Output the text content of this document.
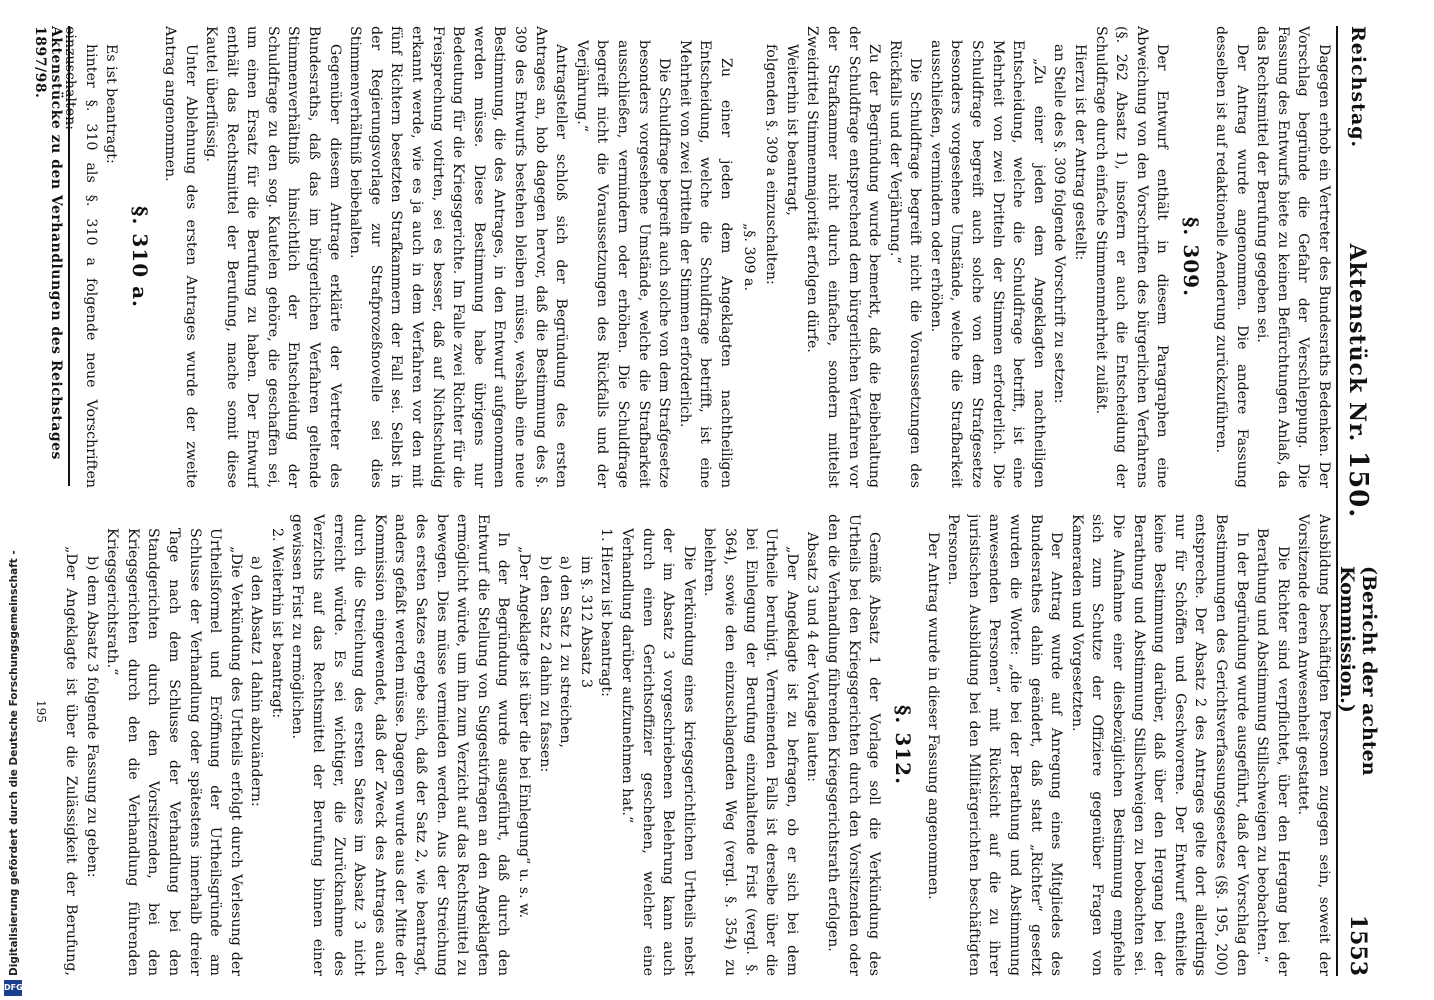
Reichstag.
Aktenstück Nr. 150.
(Bericht der achten Kommission.)
1553

Dagegen erhob ein Vertreter des Bundesraths Bedenken. Der Vorschlag begründe die Gefahr der Verschleppung. Die Fassung des Entwurfs biete zu keinen Befürchtungen Anlaß, da das Rechtsmittel der Berufung gegeben sei.

Der Antrag wurde angenommen. Die andere Fassung desselben ist auf redaktionelle Aenderung zurückzuführen.

§. 309.

Der Entwurf enthält in diesem Paragraphen eine Abweichung von den Vorschriften des bürgerlichen Verfahrens (§. 262 Absatz 1), insofern er auch die Entscheidung der Schuldfrage durch einfache Stimmenmehrheit zuläßt.

Hierzu ist der Antrag gestellt:

an Stelle des §. 309 folgende Vorschrift zu setzen:

„Zu einer jeden dem Angeklagten nachtheiligen Entscheidung, welche die Schuldfrage betrifft, ist eine Mehrheit von zwei Dritteln der Stimmen erforderlich. Die Schuldfrage begreift auch solche von dem Strafgesetze besonders vorgesehene Umstände, welche die Strafbarkeit ausschließen, vermindern oder erhöhen.

Die Schuldfrage begreift nicht die Voraussetzungen des Rückfalls und der Verjährung.“

Zu der Begründung wurde bemerkt, daß die Beibehaltung der Schuldfrage entsprechend dem bürgerlichen Verfahren vor der Strafkammer nicht durch einfache, sondern mittelst Zweidrittel Stimmenmajorität erfolgen dürfe.

Weiterhin ist beantragt,

folgenden §. 309 a einzuschalten:

„§. 309 a.

Zu einer jeden dem Angeklagten nachtheiligen Entscheidung, welche die Schuldfrage betrifft, ist eine Mehrheit von zwei Dritteln der Stimmen erforderlich.

Die Schuldfrage begreift auch solche von dem Strafgesetze besonders vorgesehene Umstände, welche die Strafbarkeit ausschließen, vermindern oder erhöhen. Die Schuldfrage begreift nicht die Voraussetzungen des Rückfalls und der Verjährung.“

Antragsteller schloß sich der Begründung des ersten Antrages an, hob dagegen hervor, daß die Bestimmung des §. 309 des Entwurfs bestehen bleiben müsse, weshalb eine neue Bestimmung, die des Antrages, in den Entwurf aufgenommen werden müsse. Diese Bestimmung habe übrigens nur Bedeutung für die Kriegsgerichte. Im Falle zwei Richter für die Freisprechung votirten, sei es besser, daß auf Nichtschuldig erkannt werde, wie es ja auch in dem Verfahren vor den mit fünf Richtern besetzten Strafkammern der Fall sei. Selbst in der Regierungsvorlage zur Strafprozeßnovelle sei dies Stimmenverhältniß beibehalten.

Gegenüber diesem Antrage erklärte der Vertreter des Bundesraths, daß das im bürgerlichen Verfahren geltende Stimmenverhältniß hinsichtlich der Entscheidung der Schuldfrage zu den sog. Kautelen gehöre, die geschaffen sei, um einen Ersatz für die Berufung zu haben. Der Entwurf enthält das Rechtsmittel der Berufung, mache somit diese Kautel überflüssig.

Unter Ablehnung des ersten Antrages wurde der zweite Antrag angenommen.

§. 310 a.

Es ist beantragt:

hinter §. 310 als §. 310 a folgende neue Vorschriften einzuschalten:

Ausbildung beschäftigten Personen zugegen sein, soweit der Vorsitzende deren Anwesenheit gestattet.

Die Richter sind verpflichtet, über den Hergang bei der Berathung und Abstimmung Stillschweigen zu beobachten.“

In der Begründung wurde ausgeführt, daß der Vorschlag den Bestimmungen des Gerichtsverfassungsgesetzes (§§. 195, 200) entspreche. Der Absatz 2 des Antrages gelte dort allerdings nur für Schöffen und Geschworene. Der Entwurf enthielte keine Bestimmung darüber, daß über den Hergang bei der Berathung und Abstimmung Stillschweigen zu beobachten sei. Die Aufnahme einer diesbezüglichen Bestimmung empfehle sich zum Schutze der Offiziere gegenüber Fragen von Kameraden und Vorgesetzten.

Der Antrag wurde auf Anregung eines Mitgliedes des Bundesrathes dahin geändert, daß statt „Richter“ gesetzt wurden die Worte: „die bei der Berathung und Abstimmung anwesenden Personen“ mit Rücksicht auf die zu ihrer juristischen Ausbildung bei den Militärgerichten beschäftigten Personen.

Der Antrag wurde in dieser Fassung angenommen.

§. 312.

Gemäß Absatz 1 der Vorlage soll die Verkündung des Urtheils bei den Kriegsgerichten durch den Vorsitzenden oder den die Verhandlung führenden Kriegsgerichtsrath erfolgen.

Absatz 3 und 4 der Vorlage lauten:

„Der Angeklagte ist zu befragen, ob er sich bei dem Urtheile beruhigt. Verneinenden Falls ist derselbe über die bei Einlegung der Berufung einzuhaltende Frist (vergl. §. 364), sowie den einzuschlagenden Weg (vergl. §. 354) zu belehren.

Die Verkündung eines kriegsgerichtlichen Urtheils nebst der im Absatz 3 vorgeschriebenen Belehrung kann auch durch einen Gerichtsoffizier geschehen, welcher eine Verhandlung darüber aufzunehmen hat.“

1. Hierzu ist beantragt:

im §. 312 Absatz 3

a) den Satz 1 zu streichen,

b) den Satz 2 dahin zu fassen:

„Der Angeklagte ist über die bei Einlegung“ u. s. w.

In der Begründung wurde ausgeführt, daß durch den Entwurf die Stellung von Suggestivfragen an den Angeklagten ermöglicht würde, um ihn zum Verzicht auf das Rechtsmittel zu bewegen. Dies müsse vermieden werden. Aus der Streichung des ersten Satzes ergebe sich, daß der Satz 2, wie beantragt, anders gefaßt werden müsse. Dagegen wurde aus der Mitte der Kommission eingewendet, daß der Zweck des Antrages auch durch die Streichung des ersten Satzes im Absatz 3 nicht erreicht würde. Es sei wichtiger, die Zurücknahme des Verzichts auf das Rechtsmittel der Berufung binnen einer gewissen Frist zu ermöglichen.

2. Weiterhin ist beantragt:

a) den Absatz 1 dahin abzuändern:

„Die Verkündung des Urtheils erfolgt durch Verlesung der Urtheilsformel und Eröffnung der Urtheilsgründe am Schlusse der Verhandlung oder spätestens innerhalb dreier Tage nach dem Schlusse der Verhandlung bei den Standgerichten durch den Vorsitzenden, bei den Kriegsgerichten durch den die Verhandlung führenden Kriegsgerichtsrath.“

b) dem Absatz 3 folgende Fassung zu geben:

„Der Angeklagte ist über die Zulässigkeit der Berufung,

Aktenstücke zu den Verhandlungen des Reichstages 1897/98.
195
Digitalisierung gefördert durch die Deutsche Forschungsgemeinschaft -
DFG
